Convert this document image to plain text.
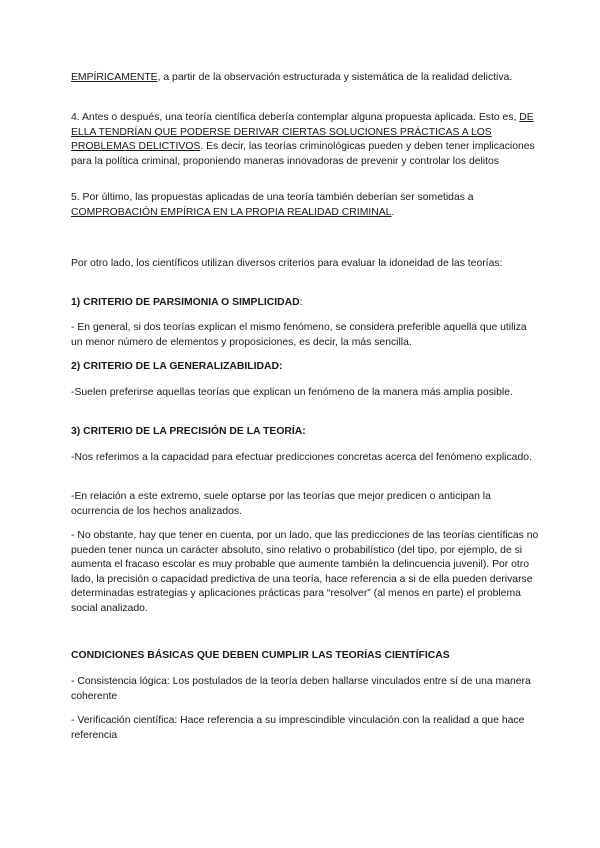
EMPÍRICAMENTE, a partir de la observación estructurada y sistemática de la realidad delictiva.

4. Antes o después, una teoría científica debería contemplar alguna propuesta aplicada. Esto es, DE ELLA TENDRÍAN QUE PODERSE DERIVAR CIERTAS SOLUCIONES PRÁCTICAS A LOS PROBLEMAS DELICTIVOS. Es decir, las teorías criminológicas pueden y deben tener implicaciones para la política criminal, proponiendo maneras innovadoras de prevenir y controlar los delitos

5. Por último, las propuestas aplicadas de una teoría también deberían ser sometidas a COMPROBACIÓN EMPÍRICA EN LA PROPIA REALIDAD CRIMINAL.

Por otro lado, los científicos utilizan diversos criterios para evaluar la idoneidad de las teorías:

1) CRITERIO DE PARSIMONIA O SIMPLICIDAD:

- En general, si dos teorías explican el mismo fenómeno, se considera preferible aquella que utiliza un menor número de elementos y proposiciones, es decir, la más sencilla.

2) CRITERIO DE LA GENERALIZABILIDAD:

-Suelen preferirse aquellas teorías que explican un fenómeno de la manera más amplia posible.

3) CRITERIO DE LA PRECISIÓN DE LA TEORÍA:

-Nos referimos a la capacidad para efectuar predicciones concretas acerca del fenómeno explicado.

-En relación a este extremo, suele optarse por las teorías que mejor predicen o anticipan la ocurrencia de los hechos analizados.

- No obstante, hay que tener en cuenta, por un lado, que las predicciones de las teorías científicas no pueden tener nunca un carácter absoluto, sino relativo o probabilístico (del tipo, por ejemplo, de si aumenta el fracaso escolar es muy probable que aumente también la delincuencia juvenil). Por otro lado, la precisión o capacidad predictiva de una teoría, hace referencia a si de ella pueden derivarse determinadas estrategias y aplicaciones prácticas para “resolver” (al menos en parte) el problema social analizado.

CONDICIONES BÁSICAS QUE DEBEN CUMPLIR LAS TEORÍAS CIENTÍFICAS

- Consistencia lógica: Los postulados de la teoría deben hallarse vinculados entre sí de una manera coherente

- Verificación científica: Hace referencia a su imprescindible vinculación con la realidad a que hace referencia
